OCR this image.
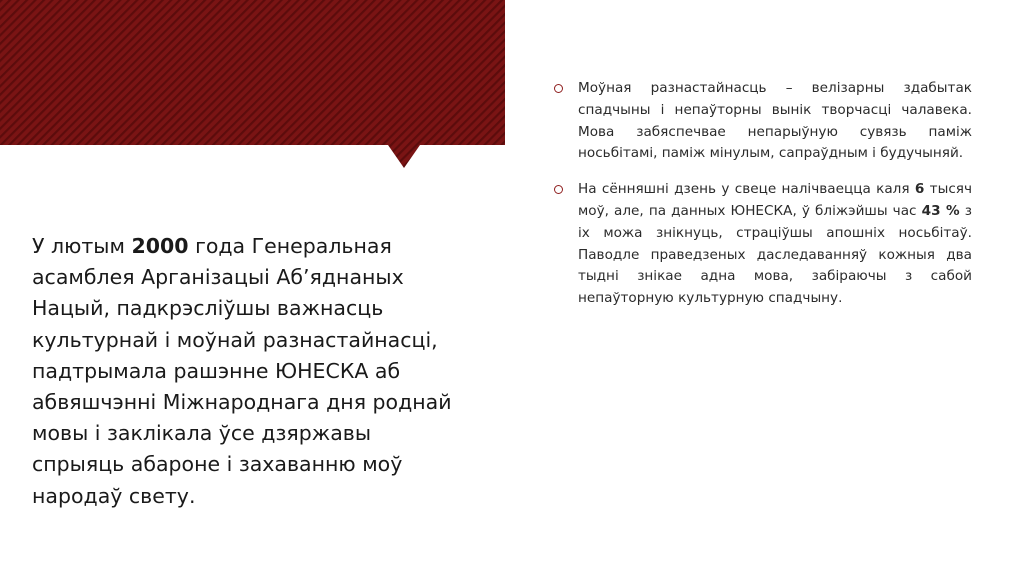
У лютым 2000 года Генеральная асамблея Арганізацыі Аб’яднаных Нацый, падкрэсліўшы важнасць культурнай і моўнай разнастайнасці, падтрымала рашэнне ЮНЕСКА аб абвяшчэнні Міжнароднага дня роднай мовы і заклікала ўсе дзяржавы спрыяць абароне і захаванню моў народаў свету.
Моўная разнастайнасць – велізарны здабытак спадчыны і непаўторны вынік творчасці чалавека. Мова забяспечвае непарыўную сувязь паміж носьбітамі, паміж мінулым, сапраўдным і будучыняй.
На сённяшні дзень у свеце налічваецца каля 6 тысяч моў, але, па данных ЮНЕСКА, ў бліжэйшы час 43 % з іх можа знікнуць, страціўшы апошніх носьбітаў. Паводле праведзеных даследаванняў кожныя два тыдні знікае адна мова, забіраючы з сабой непаўторную культурную спадчыну.
